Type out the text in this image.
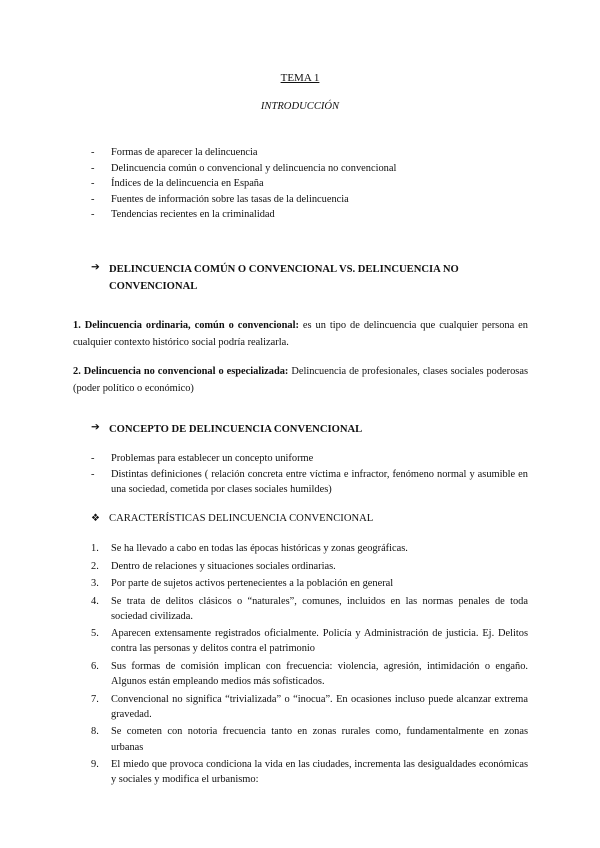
TEMA 1
INTRODUCCIÓN
- Formas de aparecer la delincuencia
- Delincuencia común o convencional y delincuencia no convencional
- Índices de la delincuencia en España
- Fuentes de información sobre las tasas de la delincuencia
- Tendencias recientes en la criminalidad
➔ DELINCUENCIA COMÚN O CONVENCIONAL VS. DELINCUENCIA NO CONVENCIONAL

1. Delincuencia ordinaria, común o convencional: es un tipo de delincuencia que cualquier persona en cualquier contexto histórico social podría realizarla.

2. Delincuencia no convencional o especializada: Delincuencia de profesionales, clases sociales poderosas (poder político o económico)

➔ CONCEPTO DE DELINCUENCIA CONVENCIONAL
- Problemas para establecer un concepto uniforme
- Distintas definiciones ( relación concreta entre víctima e infractor, fenómeno normal y asumible en una sociedad, cometida por clases sociales humildes)
❖ CARACTERÍSTICAS DELINCUENCIA CONVENCIONAL
1. Se ha llevado a cabo en todas las épocas históricas y zonas geográficas.
2. Dentro de relaciones y situaciones sociales ordinarias.
3. Por parte de sujetos activos pertenecientes a la población en general
4. Se trata de delitos clásicos o “naturales”, comunes, incluidos en las normas penales de toda sociedad civilizada.
5. Aparecen extensamente registrados oficialmente. Policía y Administración de justicia. Ej. Delitos contra las personas y delitos contra el patrimonio
6. Sus formas de comisión implican con frecuencia: violencia, agresión, intimidación o engaño. Algunos están empleando medios más sofisticados.
7. Convencional no significa “trivializada” o “inocua”. En ocasiones incluso puede alcanzar extrema gravedad.
8. Se cometen con notoria frecuencia tanto en zonas rurales como, fundamentalmente en zonas urbanas
9. El miedo que provoca condiciona la vida en las ciudades, incrementa las desigualdades económicas y sociales y modifica el urbanismo:
